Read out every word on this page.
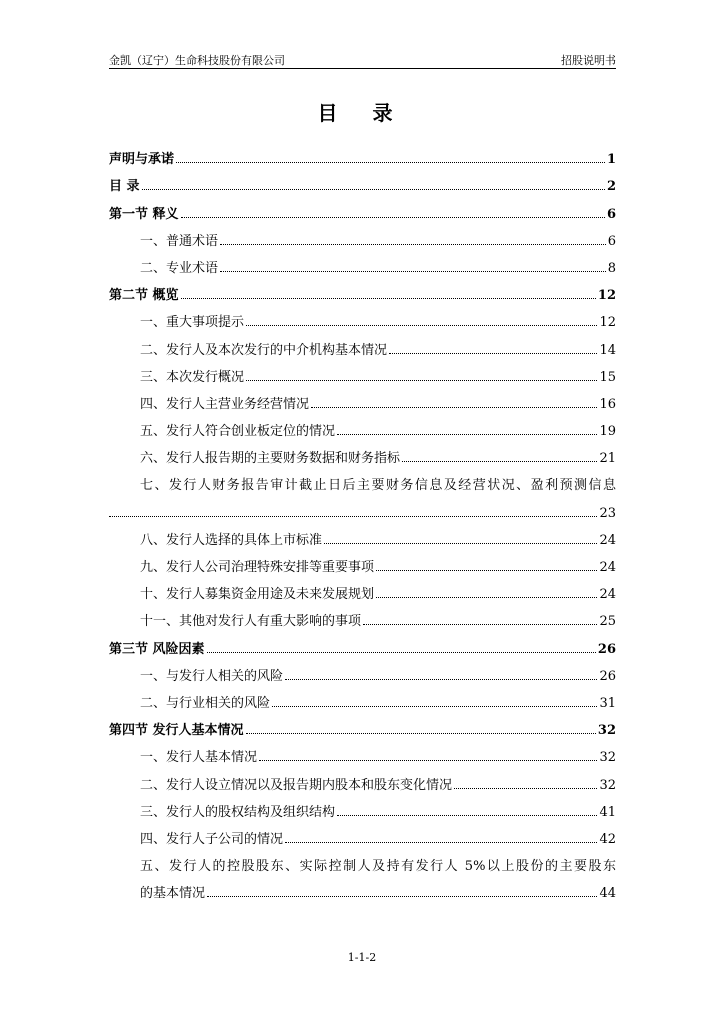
金凯（辽宁）生命科技股份有限公司	招股说明书
目 录
声明与承诺	1
目 录	2
第一节 释义	6
一、普通术语	6
二、专业术语	8
第二节 概览	12
一、重大事项提示	12
二、发行人及本次发行的中介机构基本情况	14
三、本次发行概况	15
四、发行人主营业务经营情况	16
五、发行人符合创业板定位的情况	19
六、发行人报告期的主要财务数据和财务指标	21
七、发行人财务报告审计截止日后主要财务信息及经营状况、盈利预测信息
23
八、发行人选择的具体上市标准	24
九、发行人公司治理特殊安排等重要事项	24
十、发行人募集资金用途及未来发展规划	24
十一、其他对发行人有重大影响的事项	25
第三节 风险因素	26
一、与发行人相关的风险	26
二、与行业相关的风险	31
第四节 发行人基本情况	32
一、发行人基本情况	32
二、发行人设立情况以及报告期内股本和股东变化情况	32
三、发行人的股权结构及组织结构	41
四、发行人子公司的情况	42
五、发行人的控股股东、实际控制人及持有发行人 5%以上股份的主要股东
的基本情况	44
1-1-2
